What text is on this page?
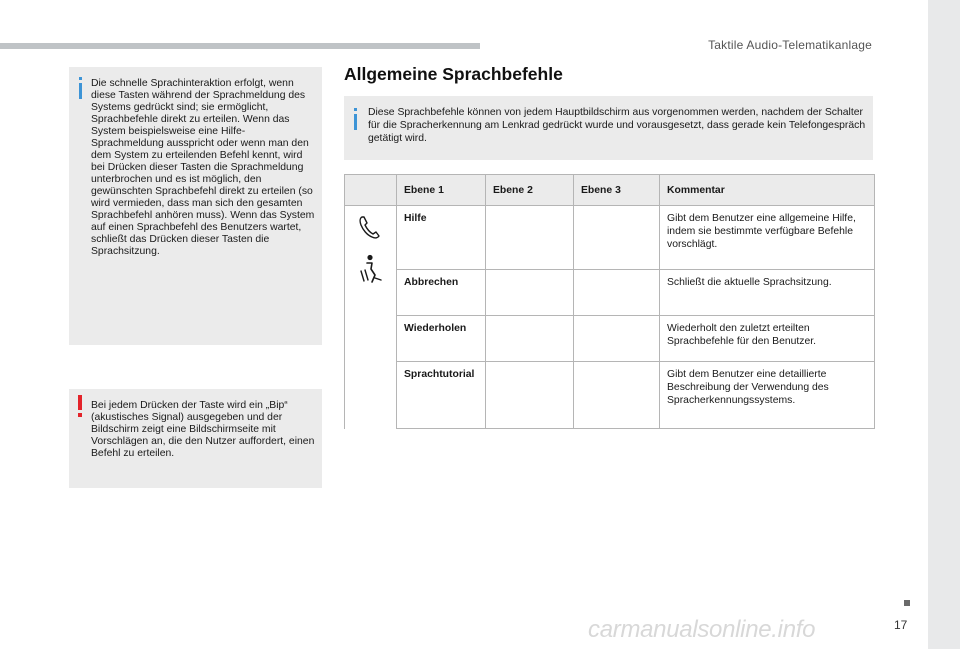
Taktile Audio-Telematikanlage
Die schnelle Sprachinteraktion erfolgt, wenn diese Tasten während der Sprachmeldung des Systems gedrückt sind; sie ermöglicht, Sprachbefehle direkt zu erteilen. Wenn das System beispielsweise eine Hilfe-Sprachmeldung ausspricht oder wenn man den dem System zu erteilenden Befehl kennt, wird bei Drücken dieser Tasten die Sprachmeldung unterbrochen und es ist möglich, den gewünschten Sprachbefehl direkt zu erteilen (so wird vermieden, dass man sich den gesamten Sprachbefehl anhören muss). Wenn das System auf einen Sprachbefehl des Benutzers wartet, schließt das Drücken dieser Tasten die Sprachsitzung.
Bei jedem Drücken der Taste wird ein „Bip“ (akustisches Signal) ausgegeben und der Bildschirm zeigt eine Bildschirmseite mit Vorschlägen an, die den Nutzer auffordert, einen Befehl zu erteilen.
Allgemeine Sprachbefehle
Diese Sprachbefehle können von jedem Hauptbildschirm aus vorgenommen werden, nachdem der Schalter für die Spracherkennung am Lenkrad gedrückt wurde und vorausgesetzt, dass gerade kein Telefongespräch getätigt wird.
	Ebene 1	Ebene 2	Ebene 3	Kommentar

	Hilfe			Gibt dem Benutzer eine allgemeine Hilfe, indem sie bestimmte verfügbare Befehle vorschlägt.
	Abbrechen			Schließt die aktuelle Sprachsitzung.
	Wiederholen			Wiederholt den zuletzt erteilten Sprachbefehle für den Benutzer.
	Sprachtutorial			Gibt dem Benutzer eine detaillierte Beschreibung der Verwendung des Spracherkennungssystems.
17
carmanualsonline.info
